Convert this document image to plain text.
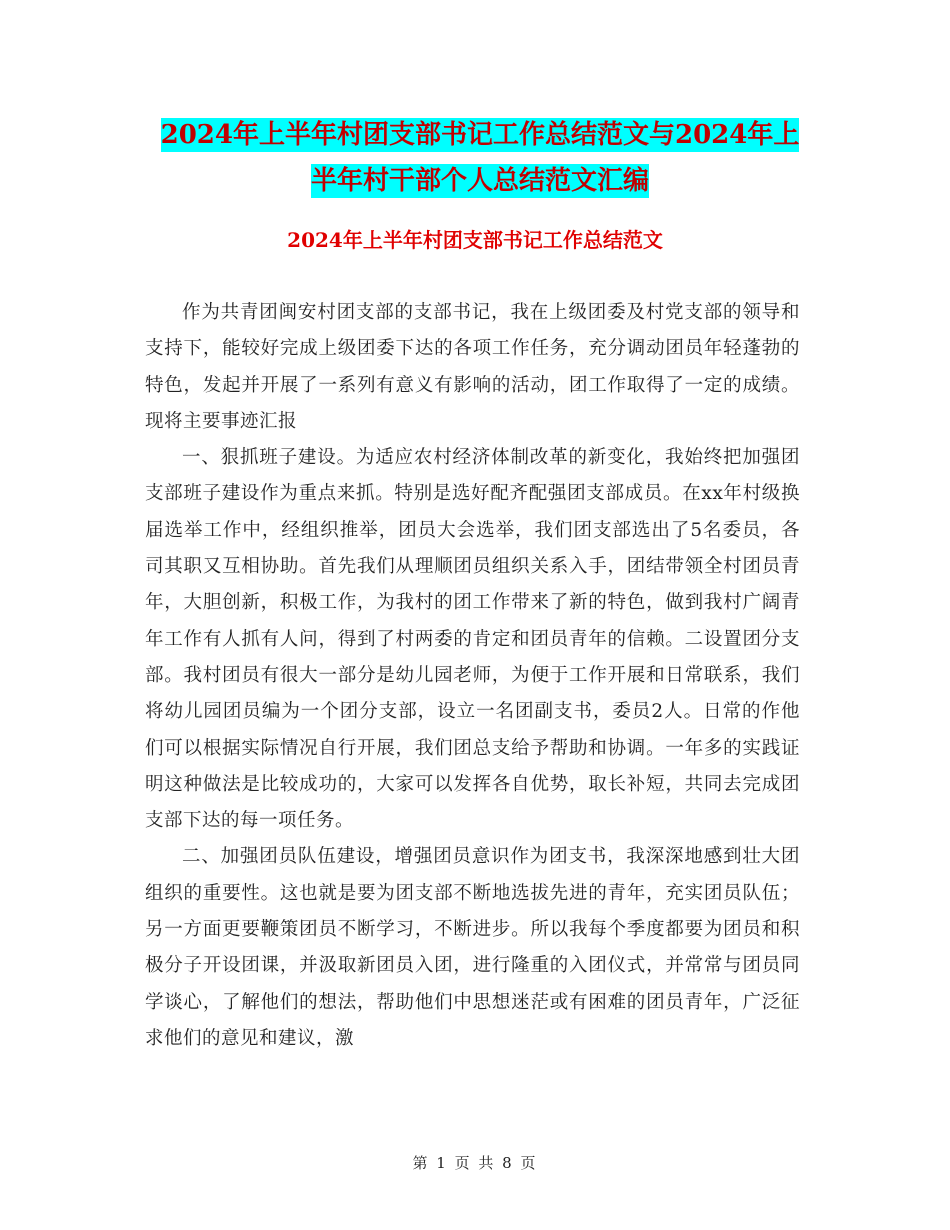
2024年上半年村团支部书记工作总结范文与2024年上
半年村干部个人总结范文汇编
2024年上半年村团支部书记工作总结范文

作为共青团闽安村团支部的支部书记，我在上级团委及村党支部的领导和支持下，能较好完成上级团委下达的各项工作任务，充分调动团员年轻蓬勃的特色，发起并开展了一系列有意义有影响的活动，团工作取得了一定的成绩。现将主要事迹汇报

一、狠抓班子建设。为适应农村经济体制改革的新变化，我始终把加强团支部班子建设作为重点来抓。特别是选好配齐配强团支部成员。在xx年村级换届选举工作中，经组织推举，团员大会选举，我们团支部选出了5名委员，各司其职又互相协助。首先我们从理顺团员组织关系入手，团结带领全村团员青年，大胆创新，积极工作，为我村的团工作带来了新的特色，做到我村广阔青年工作有人抓有人问，得到了村两委的肯定和团员青年的信赖。二设置团分支部。我村团员有很大一部分是幼儿园老师，为便于工作开展和日常联系，我们将幼儿园团员编为一个团分支部，设立一名团副支书，委员2人。日常的作他们可以根据实际情况自行开展，我们团总支给予帮助和协调。一年多的实践证明这种做法是比较成功的，大家可以发挥各自优势，取长补短，共同去完成团支部下达的每一项任务。

二、加强团员队伍建设，增强团员意识作为团支书，我深深地感到壮大团组织的重要性。这也就是要为团支部不断地选拔先进的青年，充实团员队伍；另一方面更要鞭策团员不断学习，不断进步。所以我每个季度都要为团员和积极分子开设团课，并汲取新团员入团，进行隆重的入团仪式，并常常与团员同学谈心，了解他们的想法，帮助他们中思想迷茫或有困难的团员青年，广泛征求他们的意见和建议，激

第 1 页 共 8 页
